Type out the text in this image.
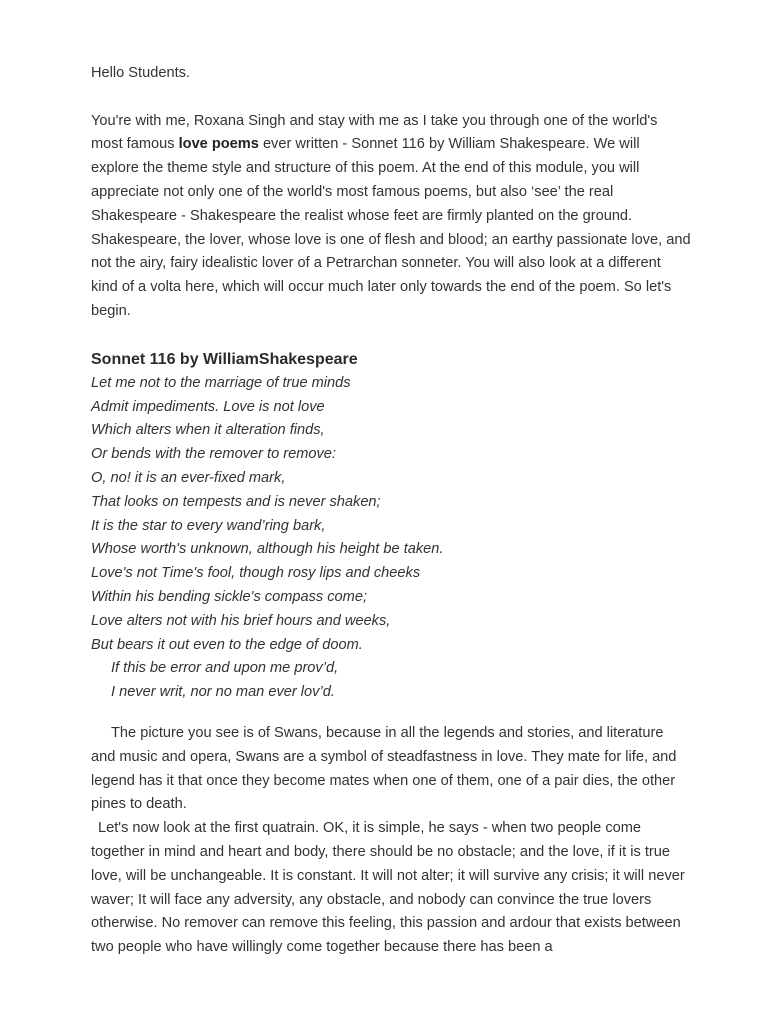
Hello Students.

You're with me, Roxana Singh and stay with me as I take you through one of the world's most famous love poems ever written - Sonnet 116 by William Shakespeare. We will explore the theme style and structure of this poem. At the end of this module, you will appreciate not only one of the world's most famous poems, but also ‘see’ the real Shakespeare - Shakespeare the realist whose feet are firmly planted on the ground. Shakespeare, the lover, whose love is one of flesh and blood; an earthy passionate love, and not the airy, fairy idealistic lover of a Petrarchan sonneter. You will also look at a different kind of a volta here, which will occur much later only towards the end of the poem. So let's begin.

Sonnet 116 by WilliamShakespeare
Let me not to the marriage of true minds
Admit impediments. Love is not love
Which alters when it alteration finds,
Or bends with the remover to remove:
O, no! it is an ever-fixed mark,
That looks on tempests and is never shaken;
It is the star to every wand’ring bark,
Whose worth's unknown, although his height be taken.
Love's not Time's fool, though rosy lips and cheeks
Within his bending sickle's compass come;
Love alters not with his brief hours and weeks,
But bears it out even to the edge of doom.
If this be error and upon me prov’d,
I never writ, nor no man ever lov’d.

The picture you see is of Swans, because in all the legends and stories, and literature and music and opera, Swans are a symbol of steadfastness in love. They mate for life, and legend has it that once they become mates when one of them, one of a pair dies, the other pines to death.

Let's now look at the first quatrain. OK, it is simple, he says - when two people come together in mind and heart and body, there should be no obstacle; and the love, if it is true love, will be unchangeable. It is constant. It will not alter; it will survive any crisis; it will never waver; It will face any adversity, any obstacle, and nobody can convince the true lovers otherwise. No remover can remove this feeling, this passion and ardour that exists between two people who have willingly come together because there has been a
